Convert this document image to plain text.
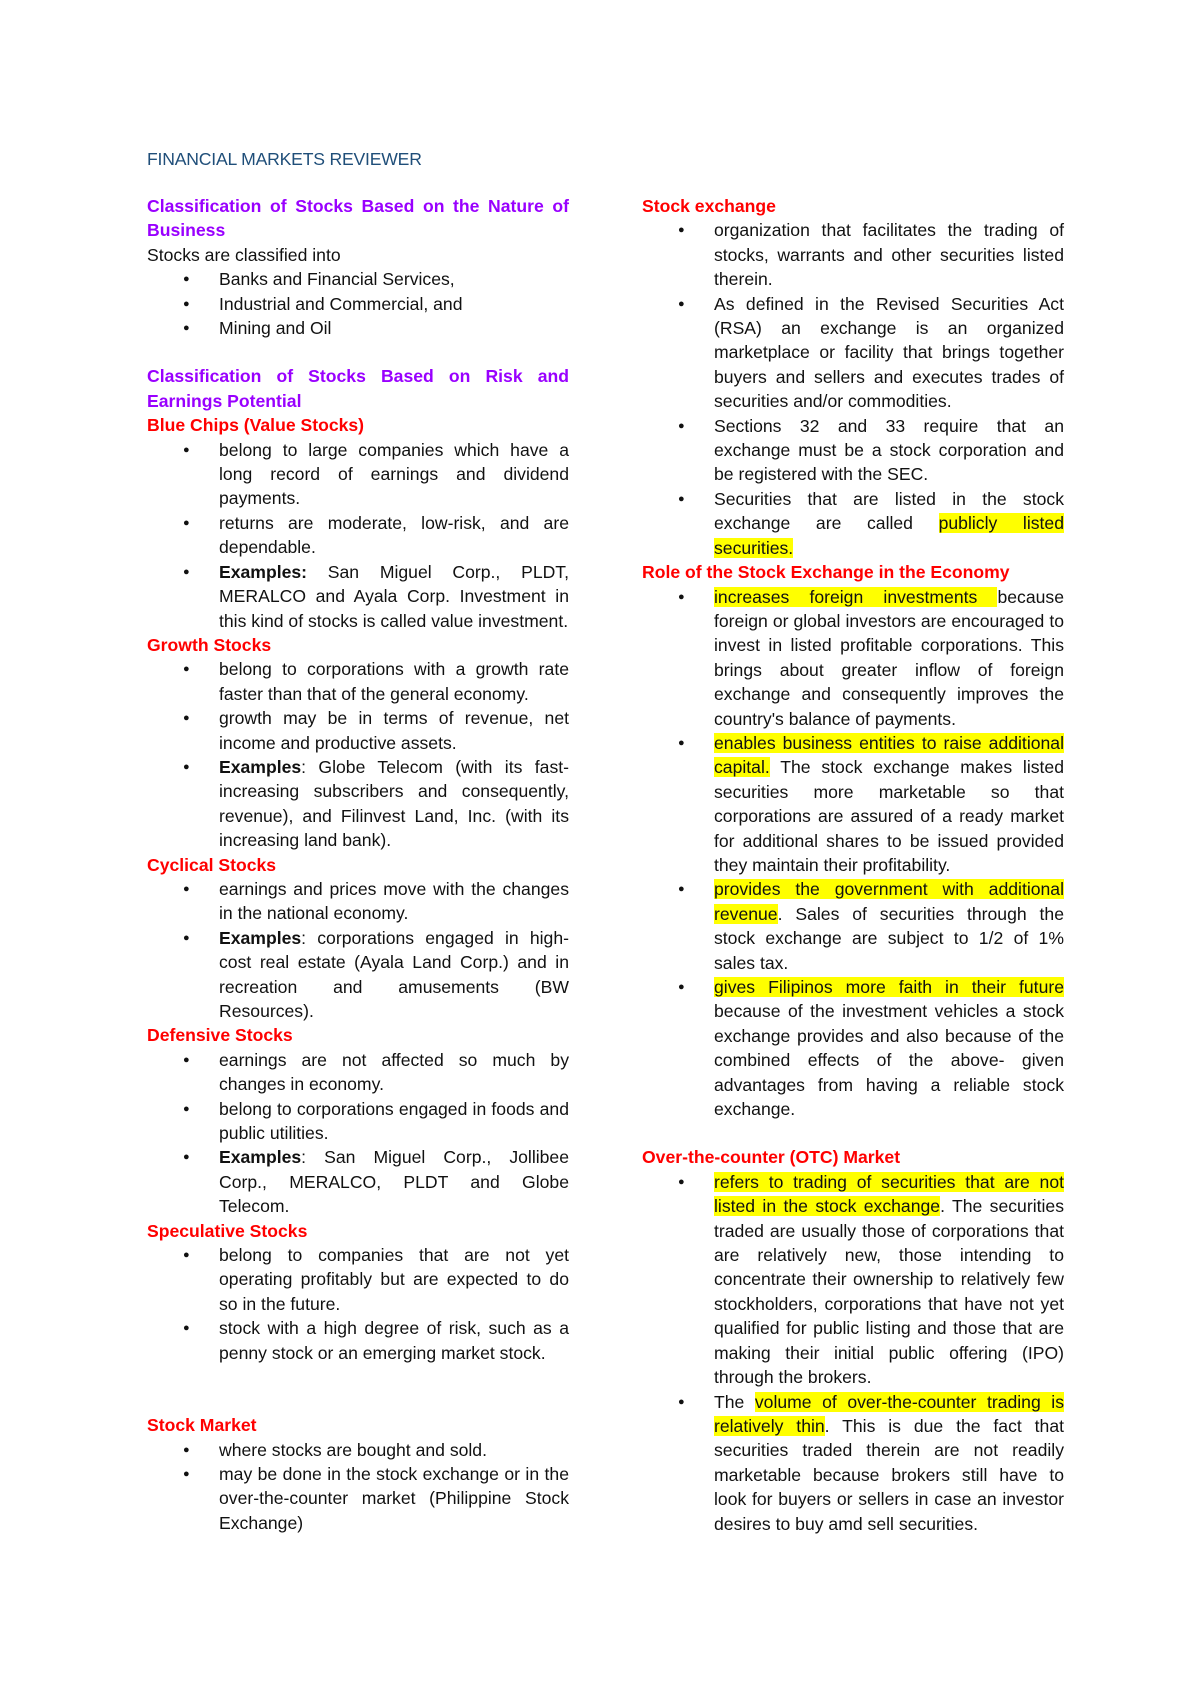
FINANCIAL MARKETS REVIEWER

Classification of Stocks Based on the Nature of Business

Stocks are classified into

● Banks and Financial Services,
● Industrial and Commercial, and
● Mining and Oil

Classification of Stocks Based on Risk and Earnings Potential

Blue Chips (Value Stocks)

● belong to large companies which have a long record of earnings and dividend payments.
● returns are moderate, low-risk, and are dependable.
● Examples: San Miguel Corp., PLDT, MERALCO and Ayala Corp. Investment in this kind of stocks is called value investment.

Growth Stocks

● belong to corporations with a growth rate faster than that of the general economy.
● growth may be in terms of revenue, net income and productive assets.
● Examples: Globe Telecom (with its fast-increasing subscribers and consequently, revenue), and Filinvest Land, Inc. (with its increasing land bank).

Cyclical Stocks

● earnings and prices move with the changes in the national economy.
● Examples: corporations engaged in high-cost real estate (Ayala Land Corp.) and in recreation and amusements (BW Resources).

Defensive Stocks

● earnings are not affected so much by changes in economy.
● belong to corporations engaged in foods and public utilities.
● Examples: San Miguel Corp., Jollibee Corp., MERALCO, PLDT and Globe Telecom.

Speculative Stocks

● belong to companies that are not yet operating profitably but are expected to do so in the future.
● stock with a high degree of risk, such as a penny stock or an emerging market stock.

Stock Market

● where stocks are bought and sold.
● may be done in the stock exchange or in the over-the-counter market (Philippine Stock Exchange)

Stock exchange

● organization that facilitates the trading of stocks, warrants and other securities listed therein.
● As defined in the Revised Securities Act (RSA) an exchange is an organized marketplace or facility that brings together buyers and sellers and executes trades of securities and/or commodities.
● Sections 32 and 33 require that an exchange must be a stock corporation and be registered with the SEC.
● Securities that are listed in the stock exchange are called publicly listed securities.

Role of the Stock Exchange in the Economy

● increases foreign investments because foreign or global investors are encouraged to invest in listed profitable corporations. This brings about greater inflow of foreign exchange and consequently improves the country's balance of payments.
● enables business entities to raise additional capital. The stock exchange makes listed securities more marketable so that corporations are assured of a ready market for additional shares to be issued provided they maintain their profitability.
● provides the government with additional revenue. Sales of securities through the stock exchange are subject to 1/2 of 1% sales tax.
● gives Filipinos more faith in their future because of the investment vehicles a stock exchange provides and also because of the combined effects of the above- given advantages from having a reliable stock exchange.

Over-the-counter (OTC) Market

● refers to trading of securities that are not listed in the stock exchange. The securities traded are usually those of corporations that are relatively new, those intending to concentrate their ownership to relatively few stockholders, corporations that have not yet qualified for public listing and those that are making their initial public offering (IPO) through the brokers.
● The volume of over-the-counter trading is relatively thin. This is due the fact that securities traded therein are not readily marketable because brokers still have to look for buyers or sellers in case an investor desires to buy amd sell securities.
